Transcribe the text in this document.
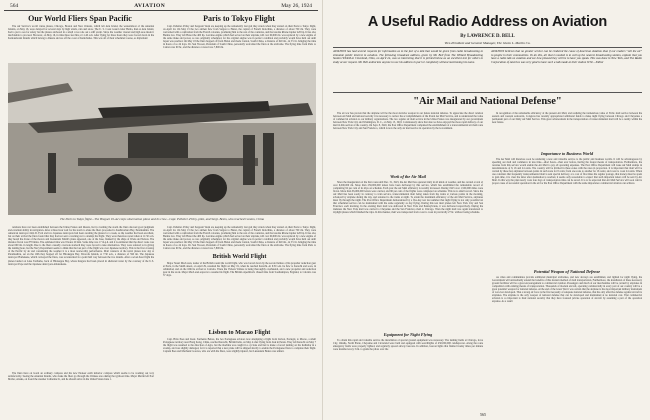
564	AVIATION	May 26, 1924
Our World Fliers Span Pacific

The Air Service's world cruise planes, Chicago, Boston and New Orleans, which left Attu Island, the westernmost of the Aleutian Islands, on May 16, were delayed for several days by high winds, rain and snow. The U. S. Coast Guard cutter Haida, then at Attu Island, had to put to sea for safety but the planes anchored in a small cove rode out a stiff storm. Since the weather cleared and high seas made it inadvisable to proceed. However, on May 16, in time three feet hits at 11.40 a.m. After flying for three hours they were forced down in the Komandorski Islands which belong to Russia and are off the coast of Kamchatka. This was off of their scheduled course, as diplomatic

Paris to Tokyo Flight

Capt. Pelletier d'Oisy and Sergeant Vesin are keeping up the remarkably fast gait they struck when they started on their Paris to Tokyo flight, on April 24. On May 13 the two airmen flew from Saigon to Hanoi, the capital of French Indochina, a distance of about 700 mi. They were welcomed with a celebration from the French colonies, promising him to the rest of the countries, and the Gnome Rhone Jupiter 420 hp. It has also Burma rice. They left Hanoi the 400 hp. Lorraine engine which had served on their airplane will cost 60,000 mi. was replaced by a new engine of the same make and power, as was originally scheduled, for the original engine was in perfect condition and probably would have held out until Japan was reached. On May 18 the fliers hopped off from Hanoi and made Canton, South China, a distance of 620 mi., in 5½ hr. bringing the time in hours of so 24 days. Dr. Sun Yat-sen, President of South China, personally welcomed the fliers at the airdrome. The flying time from Paris to Canton was 90 hr., and the distance covered was 7,800 mi.

The Paris to Tokyo flight—The Breguet 19-A2 corps observation plane and its crew—Capt. Pelletier d'Oisy, pilot, and Sergt. Besin, who reached Canton, China

relations have not been established between the United States and Russia, but in avoiding the storm the fliers showed good judgment and excellent ability in navigation. After a three hour wait for the storm to abate the fliers proceeded to Kashiwabara Bay, Paramushiru. The American destroyer John D. Ford and two Japanese destroyers had been awaiting the planes for a week, as the weather had been excellent, but on their arrival the fliers found that they had not sent a warning not to attempt the flight. They were therefore noted when at 11:50 a.m. they heard the drone of the motors and Lieutenant Smith's plane appeared, one of the base, flanked by the ships of Wade and Nelson. The distance flown was 878 miles. The estimated time was 8 hours 20 min. Some time was 17 m.p.h. and it is estimated that the direct route was about 600 mi. in length. Due to the fliers casually overtook stomach they were forced to take alternatives. They were referred to in giving the landing hour, but the Navy Department seems to think that the last part of the flight was over Japanese territory. This is the first crossing of the Pacific by air and considering the weather it is a most noteworthy performance. Mail connects of the naval planes now day at Paramushiru, set on the 19th they hopped off for Hitokappu Bay, Yetorofu Islands, at 7:30 a.m., a distance of 590 mi. The Japanese destroyer Hamakaze, which conveyed the fliers, was reconnoitred in a point half way between the two islands. After a seven hour flight the planes landed on Lake Tonhama, back of Hitokappu Bay, where hangars had been placed in sheltered water by the courtesy of the U.S. destroyer Pope and the Japanese destroyers Amatsukaze.

The fliers have on board an ordinary compass and the new Pioneer earth inductor compass which seems to be working out very satisfactorily. Seeing the Aleutian Islands, who make the fliers go through the Chinese area during the typhoon time. Major Martin left Port Moller, Alaska, on board the steamer Catherine D., and he should arrive in the United States June 1.

Capt. Pelletier d'Oisy and Sergeant Vesin are keeping up the remarkably fast gait they struck when they started on their Paris to Tokyo flight, on April 24. On May 13 the two airmen flew from Saigon to Hanoi, the capital of French Indochina, a distance of about 700 mi. They were welcomed with a celebration from the French colonies, promising him to the rest of the countries, and the Gnome Rhone Jupiter 420 hp. It has also Burma rice. They left Hanoi the 400 hp. Lorraine engine which had served on their airplane will cost 60,000 mi. was replaced by a new engine of the same make and power, as was originally scheduled, for the original engine was in perfect condition and probably would have held out until Japan was reached. On May 18 the fliers hopped off from Hanoi and made Canton, South China, a distance of 620 mi., in 5½ hr. bringing the time in hours of so 24 days. Dr. Sun Yat-sen, President of South China, personally welcomed the fliers at the airdrome. The flying time from Paris to Canton was 90 hr., and the distance covered was 7,800 mi.

British World Flight

Major Stuart MacLaren, leader of the British round the world flight, who was forced down by the second failure of his propeller reduction gear at Parla, in the Sindh desert, on April 29, resumed his flight on May 19, when he reached Karachi. At 6:30 a.m. he flew to Karachi and soon, in Allahabad, and on the 16th he arrived at Calcutta. There the Vickers Vulture is being thoroughly overhauled, and a new propeller and reduction gear in the stock. Major MacLaren expects to resume his flight. The British expedition's chased time from Southampton, England, to Calcutta was 37 days.

Lisbon to Macao Flight

Capt. Brito Paes and Lieut. Sarmento Beires, the two Portuguese aviators now attempting a flight from Lisbon, Portugal, to Macao, a small Portuguese territory near Hong Kong, China, reached Karachi, British India, on May 4 after flying from Jask in Persia. They left Karachi on May 7 the flight was resumed to the direction of Agra, but the machine was caught in a cyclone and had to make a forced landing on the Kalhabar in a swamp, and was slightly damaged, for it is reported that a new plane will be shipped shortly to enable the Portuguese fliers to complete their flight. Captain Paes and Mechanic Gouvea, who are with the fliers, were slightly injured, but Lieutenant Beires was unhurt.

A Useful Radio Address on Aviation
By LAWRENCE D. BELL
Vice-President and General Manager, The Glenn L. Martin Co.
AVIATION has had several requests for information as to the fact of a talk that would be given from radio broadcasting to stimulate public interest in aviation. The following broadcast address, given by Mr. Bell from The Willard Broadcasting Station WTAM at Cleveland, Ohio, on April 24, was so interesting that it is printed below as an excellent text for others to study at our request. Mr. Bell authorizes anyone to use his address in part or completely without mentioning his name.
AVIATION believes that no greater service can be rendered the cause of American Aviation than if our readers "sell the air" to people in their communities. To do this, all that is needed is to call up the nearest broadcasting station, explain that you have a radio talk on aviation and see how pleased they will be to have you speak. This was done in New York, and The Radio Corporation of America was very glad to have such a talk made at their station WJZ.—Editor
"Air Mail and National Defense"

The air war has proven that the airplane will be the most decisive weapon in our future national defense. To appreciate the direct relation between Air Mail and national security it is necessary to review the accomplishments of the Postal Air Mail Service, and to understand the value of commercial aviation to our military organizations. The two regular air mail service in the United States was inaugurated by our government between New York City and Washington, D. C., on May 15, 1918. Continuously since that date we have enjoyed the more rapid delivery of our mail in this section of the country. On Sept. 8, 1920, the Post Office Department completed the establishment of a transcontinental air mail route between New York City and San Francisco, which is now the only air mail service in operation by the Government.

Work of the Air Mail

Since the inauguration of the first route until Dec. 31, 1923, the Air Mail has operated daily in all kinds of weather, and has carried a total of over 6,000,000 mi. More than 230,000,000 letters have been delivered by this service, which has established the remarkable record of completing 92 per cent of its trips on schedule. Each year the Air Mail efficiency is notably increased. During 1923 over 1,500,000 miles were flown. More than 65,000,000 letters were carried, and 96 per cent of the flights were completed on schedule. This is no small record. Since the Air Mail has been sorely in contrary to train service, transcontinental mail being taken from the trains at various points in the morning, advanced by airplane during the day, and returned to the trains at night. To attain the maximum efficiency of the Air Mail Service, airplanes must fly through the night. The Post Office Department demonstrated by a five-day test last summer that night flying is not only possible but that scheduled service can be maintained with the same regularity as day flying. During this test mail planes left New York City and San Francisco each morning. In the evening their mail was delivered in New York and Pennsylvania, it was delivered respectively. During the darkness the New York mail was carried to Cheyenne and the San Francisco mail to Chicago. Then the night mail was again transferred to daylight planes which finished the trips. In this manner, mail was transported from coast to coast in practically 27 hr. without losing schedule.

Equipment for Night Flying

To obtain this rapid and valuable service the installation of special ground equipment was necessary. The landing fields at Chicago, Iowa City, Omaha, North Platte, Cheyenne and Cleveland were built and equipped with searchlights of 450,000,000 candlepower. Along the route emergency fields were properly lighted, and regularly spaced airway beacons. In addition, beacon lights that flashed twenty times per minute were installed every 3 mi. to guide the pilots over the

In recognition of the remarkable efficiency of the present Air Mail, and realizing the tremendous value of 30-hr. mail service between the eastern and western seaboards, Congress has recently appropriated additional funds to make night flying between Chicago and Cheyenne a permanent part of our Daily Air Mail Service. This great advancement in the transportation of transcontinental mail will be a reality within the near future.

Importance to Business World

The Air Mail will therefore soon be rendering a new and valuable service to the public and business worlds. It will be advantageous by speeding our mail and commerce in less time—short hours—than ever before, having the fastest means of transportation. Furthermore, the revenue from this service would enable the Air Mail to pay all operating expenses. The Post Office Department will issue Air Mail stamps in denominations of 8, 16 and 24 cents. The country will be divided in three zones with the rates in proportion. It is important that mail will be carried by these fast airplanes between points in such zone for 8 cents; from one zone to another for 16 cents; and coast to coast 24 cents. When one considers that frequently transcontinental mail is sent special delivery, at a cost of five times the regular postage, that money must be spent to gain time, it is clear the latter after destination is reached, it seems only reasonable to expect that such important letters will be sent by Air Mail. In this way the plan nearly costs four days of transportation time can be saved. It is to be expected that Air Mail Service will soon win its proper cause of successful operation in the air for the Post Office Department with the same importance commercial aviation can achieve.

Potential Weapon of National Defense

As cities and communities provide additional municipal airdromes, and new airways are established, and lighted for night flying, the Government will undoubtedly extend the benefits of this modern method of mail transportation. Furthermore, the installation of these necessary ground facilities will be a great encouragement to commercial aviation. Passengers and much of our merchandise will be carried by airplanes in competition with existing means of transportation. Thousands of modern aircraft, operating commercially in every part of our country will be a great potential weapon for national defense. At the end of the Great War it was certain that the airplane is the most important military instrument of war ever developed. That a strong air force is the first necessity of adequate national defense, that the only effective defense against aircraft is airplanes. The airplane is the only weapon of national defense that can be developed and maintained at no national cost. That commercial aviation is so important to their national security that they have fostered private operation of aircraft by assuming a part of the operation expense. As a result

565
